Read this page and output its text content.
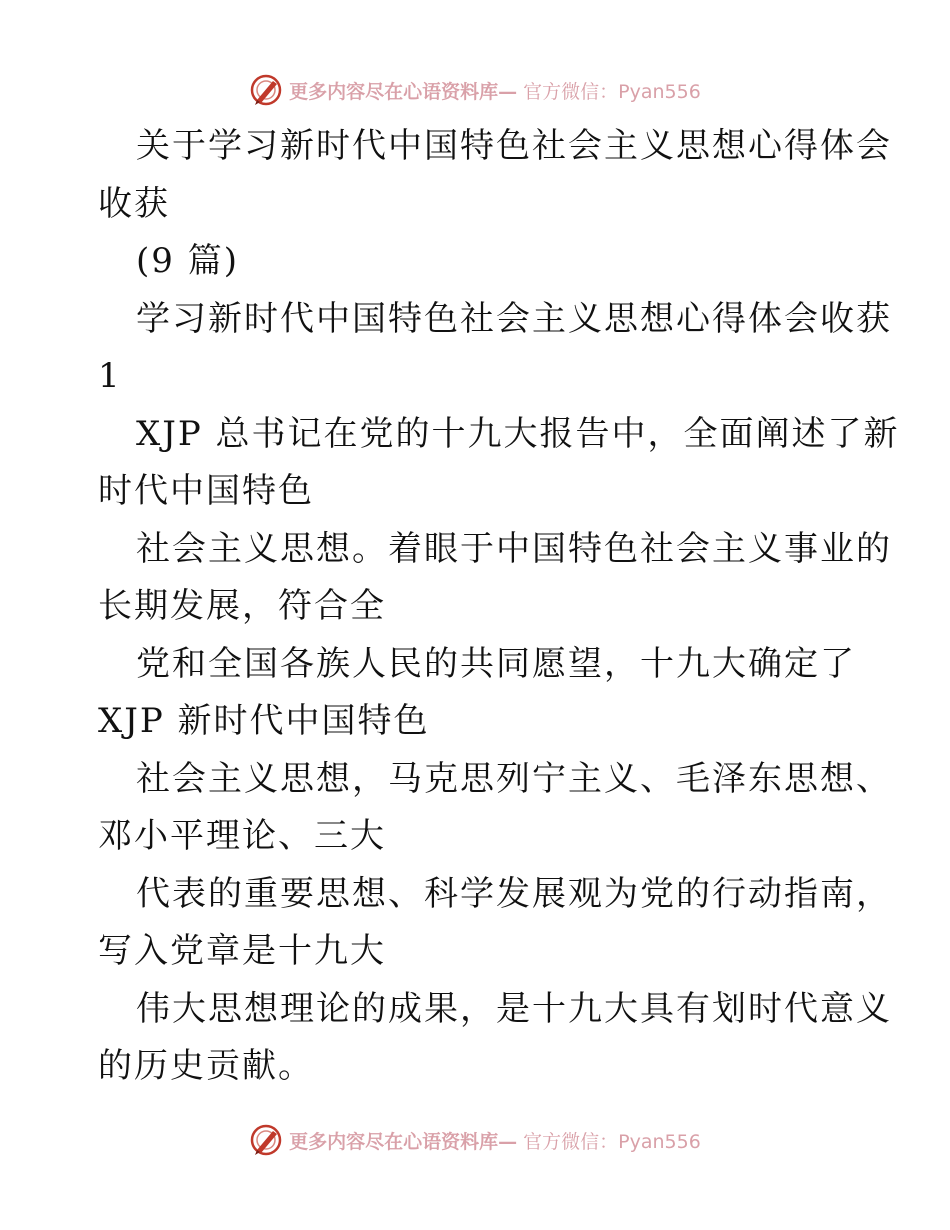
更多内容尽在心语资料库— 官方微信：Pyan556
关于学习新时代中国特色社会主义思想心得体会
收获
(9 篇)
学习新时代中国特色社会主义思想心得体会收获
1
XJP 总书记在党的十九大报告中，全面阐述了新
时代中国特色
社会主义思想。着眼于中国特色社会主义事业的
长期发展，符合全
党和全国各族人民的共同愿望，十九大确定了
XJP 新时代中国特色
社会主义思想，马克思列宁主义、毛泽东思想、
邓小平理论、三大
代表的重要思想、科学发展观为党的行动指南，
写入党章是十九大
伟大思想理论的成果，是十九大具有划时代意义
的历史贡献。
更多内容尽在心语资料库— 官方微信：Pyan556
